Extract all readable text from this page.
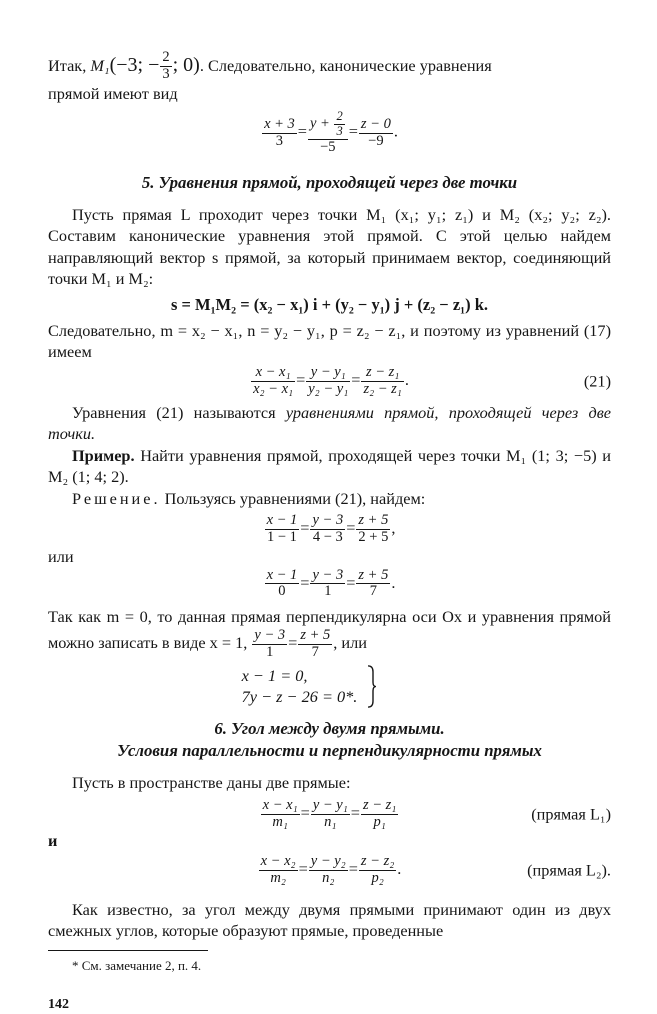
Итак, M₁(−3; − $\frac{2}{3}$ ; 0). Следовательно, канонические уравнения

прямой имеют вид

$\frac{x + 3}{3} = \frac{y + \frac{2}{3}}{-5} = \frac{z - 0}{-9}$ .

5. Уравнения прямой, проходящей через две точки

Пусть прямая L проходит через точки M₁ (x₁; y₁; z₁) и M₂ (x₂; y₂; z₂). Составим канонические уравнения этой прямой. С этой целью найдем направляющий вектор s прямой, за который принимаем вектор, соединяющий точки M₁ и M₂:

s = M₁M₂ = (x₂ − x₁) i + (y₂ − y₁) j + (z₂ − z₁) k.

Следовательно, m = x₂ − x₁, n = y₂ − y₁, p = z₂ − z₁, и поэтому из уравнений (17) имеем

$\frac{\text{x − x₁}}{\text{x₂ − x₁}} = \frac{\text{y − y₁}}{\text{y₂ − y₁}} = \frac{\text{z − z₁}}{\text{z₂ − z₁}}$ .	(21)

Уравнения (21) называются уравнениями прямой, проходящей через две точки.

Пример. Найти уравнения прямой, проходящей через точки M₁ (1; 3; −5) и M₂ (1; 4; 2).

Решение. Пользуясь уравнениями (21), найдем:

$\frac{x - 1}{1 - 1} = \frac{y - 3}{4 - 3} = \frac{z + 5}{2 + 5}$ ,

или

$\frac{x - 1}{0} = \frac{y - 3}{1} = \frac{z + 5}{7}$ .

Так как m = 0, то данная прямая перпендикулярна оси Ox и уравнения прямой можно записать в виде x = 1, $\frac{y - 3}{1} = \frac{z + 5}{7}$ , или

x − 1 = 0,
7y − z − 26 = 0*.

6. Угол между двумя прямыми.

Условия параллельности и перпендикулярности прямых

Пусть в пространстве даны две прямые:

$\frac{\text{x − x₁}}{\text{m₁}} = \frac{\text{y − y₁}}{\text{n₁}} = \frac{\text{z − z₁}}{\text{p₁}}$	(прямая L₁)

и

$\frac{\text{x − x₂}}{\text{m₂}} = \frac{\text{y − y₂}}{\text{n₂}} = \frac{\text{z − z₂}}{\text{p₂}}$ .	(прямая L₂).

Как известно, за угол между двумя прямыми принимают один из двух смежных углов, которые образуют прямые, проведенные

* См. замечание 2, п. 4.

142
